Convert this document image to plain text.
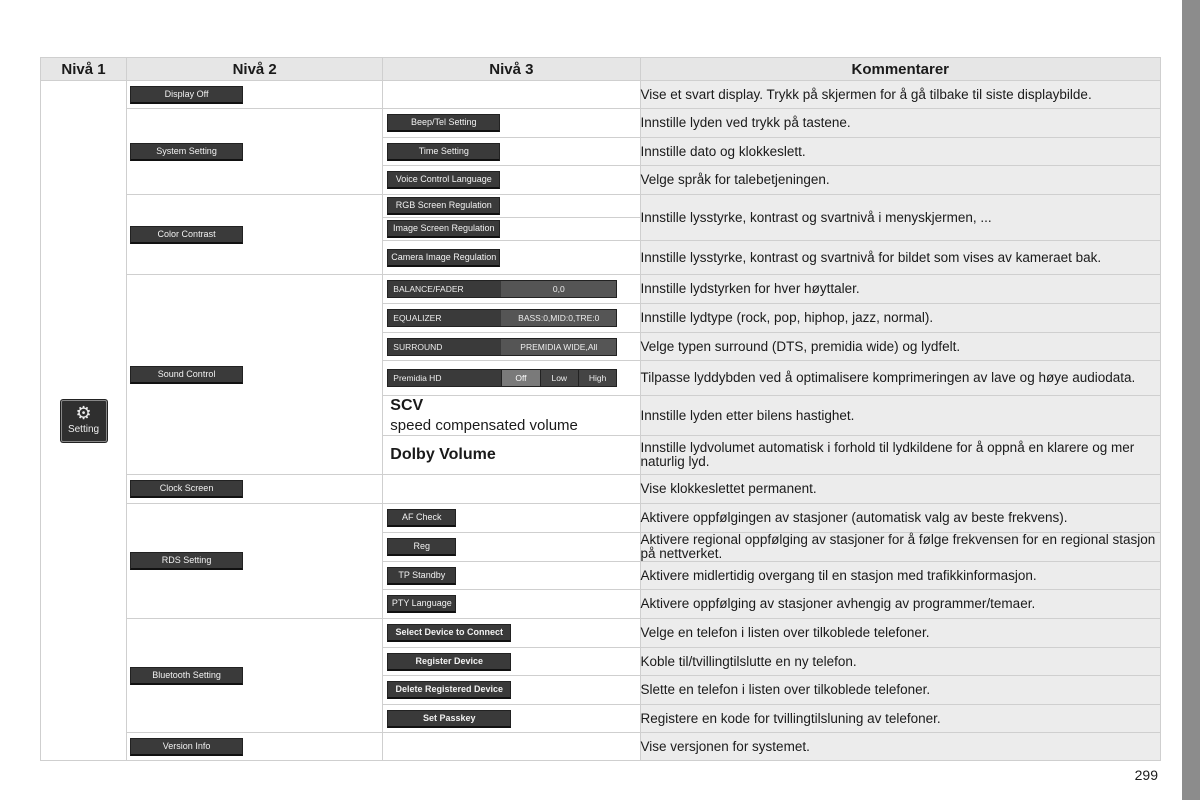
Nivå 1	Nivå 2	Nivå 3	Kommentarer

⚙
Setting	Display Off		Vise et svart display. Trykk på skjermen for å gå tilbake til siste displaybilde.

	System Setting	Beep/Tel Setting	Innstille lyden ved trykk på tastene.

		Time Setting	Innstille dato og klokkeslett.

		Voice Control Language	Velge språk for talebetjeningen.

	Color Contrast	RGB Screen Regulation	Innstille lysstyrke, kontrast og svartnivå i menyskjermen, ...

		Image Screen Regulation	

		Camera Image Regulation	Innstille lysstyrke, kontrast og svartnivå for bildet som vises av kameraet bak.

	Sound Control	BALANCE/FADER 0,0	Innstille lydstyrken for hver høyttaler.

		EQUALIZER BASS:0,MID:0,TRE:0	Innstille lydtype (rock, pop, hiphop, jazz, normal).

		SURROUND PREMIDIA WIDE,All	Velge typen surround (DTS, premidia wide) og lydfelt.

		Premidia HD Off Low High	Tilpasse lyddybden ved å optimalisere komprimeringen av lave og høye audiodata.

		SCV
speed compensated volume	Innstille lyden etter bilens hastighet.

		Dolby Volume	Innstille lydvolumet automatisk i forhold til lydkildene for å oppnå en klarere og mer naturlig lyd.

	Clock Screen		Vise klokkeslettet permanent.

	RDS Setting	AF Check	Aktivere oppfølgingen av stasjoner (automatisk valg av beste frekvens).

		Reg	Aktivere regional oppfølging av stasjoner for å følge frekvensen for en regional stasjon på nettverket.

		TP Standby	Aktivere midlertidig overgang til en stasjon med trafikkinformasjon.

		PTY Language	Aktivere oppfølging av stasjoner avhengig av programmer/temaer.

	Bluetooth Setting	Select Device to Connect	Velge en telefon i listen over tilkoblede telefoner.

		Register Device	Koble til/tvillingtilslutte en ny telefon.

		Delete Registered Device	Slette en telefon i listen over tilkoblede telefoner.

		Set Passkey	Registere en kode for tvillingtilsluning av telefoner.

	Version Info		Vise versjonen for systemet.
299
